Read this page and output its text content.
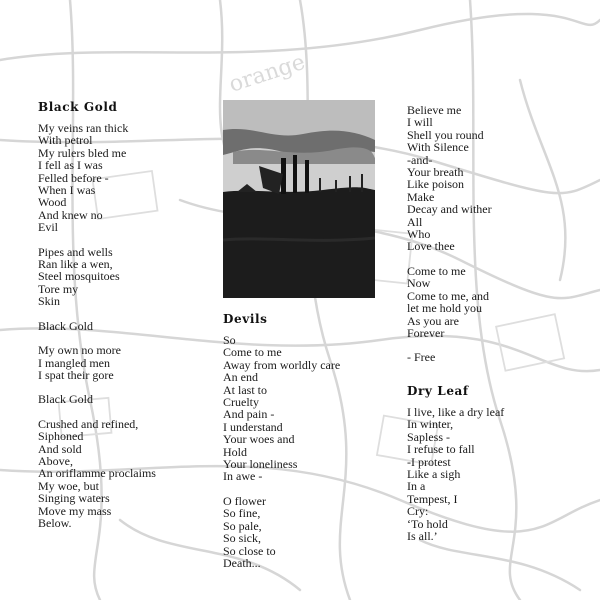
orange
Black Gold
My veins ran thick
With petrol
My rulers bled me
I fell as I was
Felled before -
When I was
Wood
And knew no
Evil
Pipes and wells
Ran like a wen,
Steel mosquitoes
Tore my
Skin
Black Gold
My own no more
I mangled men
I spat their gore
Black Gold
Crushed and refined,
Siphoned
And sold
Above,
An oriflamme proclaims
My woe, but
Singing waters
Move my mass
Below.
Devils
So
Come to me
Away from worldly care
An end
At last to
Cruelty
And pain -
I understand
Your woes and
Hold
Your loneliness
In awe -
O flower
So fine,
So pale,
So sick,
So close to
Death...
Believe me
I will
Shell you round
With Silence
-and-
Your breath
Like poison
Make
Decay and wither
All
Who
Love thee
Come to me
Now
Come to me, and
let me hold you
As you are
Forever
- Free
Dry Leaf
I live, like a dry leaf
In winter,
Sapless -
I refuse to fall
-I protest
Like a sigh
In a
Tempest, I
Cry:
‘To hold
Is all.’
